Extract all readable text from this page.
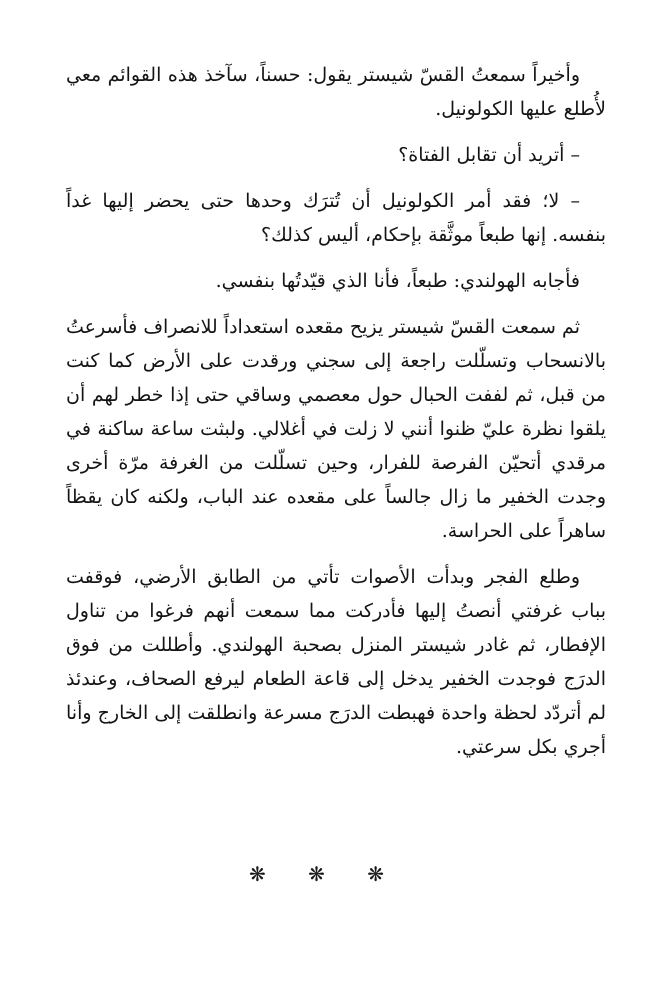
وأخيراً سمعتُ القسّ شيستر يقول: حسناً، سآخذ هذه القوائم معي لأُطلع عليها الكولونيل.

– أتريد أن تقابل الفتاة؟

– لا؛ فقد أمر الكولونيل أن تُترَك وحدها حتى يحضر إليها غداً بنفسه. إنها طبعاً موثَّقة بإحكام، أليس كذلك؟

فأجابه الهولندي: طبعاً، فأنا الذي قيّدتُها بنفسي.

ثم سمعت القسّ شيستر يزيح مقعده استعداداً للانصراف فأسرعتُ بالانسحاب وتسلّلت راجعة إلى سجني ورقدت على الأرض كما كنت من قبل، ثم لففت الحبال حول معصمي وساقي حتى إذا خطر لهم أن يلقوا نظرة عليّ ظنوا أنني لا زلت في أغلالي. ولبثت ساعة ساكنة في مرقدي أتحيّن الفرصة للفرار، وحين تسلّلت من الغرفة مرّة أخرى وجدت الخفير ما زال جالساً على مقعده عند الباب، ولكنه كان يقظاً ساهراً على الحراسة.

وطلع الفجر وبدأت الأصوات تأتي من الطابق الأرضي، فوقفت بباب غرفتي أنصتُ إليها فأدركت مما سمعت أنهم فرغوا من تناول الإفطار، ثم غادر شيستر المنزل بصحبة الهولندي. وأطللت من فوق الدرَج فوجدت الخفير يدخل إلى قاعة الطعام ليرفع الصحاف، وعندئذ لم أتردّد لحظة واحدة فهبطت الدرَج مسرعة وانطلقت إلى الخارج وأنا أجري بكل سرعتي.

❋ ❋ ❋
